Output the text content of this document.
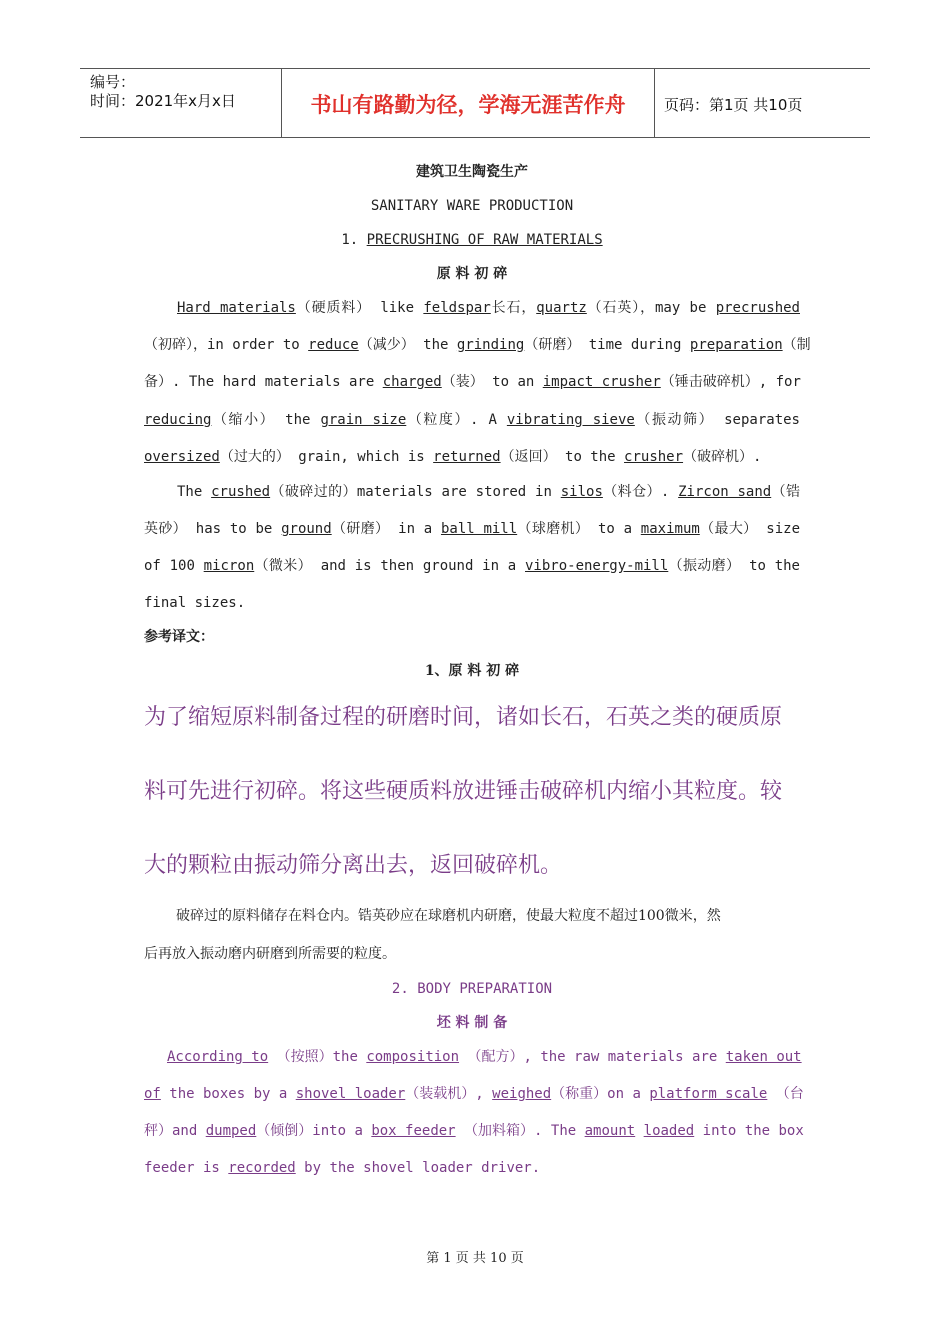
编号：
时间：2021年x月x日	书山有路勤为径，学海无涯苦作舟	页码：第1页 共10页
建筑卫生陶瓷生产
SANITARY WARE PRODUCTION
1. PRECRUSHING OF RAW MATERIALS
原 料 初 碎
Hard materials（硬质料） like feldspar长石，quartz（石英），may be precrushed
（初碎），in order to reduce（减少） the grinding（研磨） time during preparation（制
备）. The hard materials are charged（装） to an impact crusher（锤击破碎机）, for
reducing（缩小） the grain size（粒度）. A vibrating sieve（振动筛） separates
oversized（过大的） grain, which is returned（返回） to the crusher（破碎机）.
The crushed（破碎过的）materials are stored in silos（料仓）. Zircon sand（锆
英砂） has to be ground（研磨） in a ball mill（球磨机） to a maximum（最大） size
of 100 micron（微米） and is then ground in a vibro-energy-mill（振动磨） to the
final sizes.
参考译文：
1、原 料 初 碎
为了缩短原料制备过程的研磨时间，诸如长石，石英之类的硬质原
料可先进行初碎。将这些硬质料放进锤击破碎机内缩小其粒度。较
大的颗粒由振动筛分离出去，返回破碎机。
破碎过的原料储存在料仓内。锆英砂应在球磨机内研磨，使最大粒度不超过100微米，然
后再放入振动磨内研磨到所需要的粒度。
2. BODY PREPARATION
坯 料 制 备
According to （按照）the composition （配方）, the raw materials are taken out
of the boxes by a shovel loader（装载机）, weighed（称重）on a platform scale （台
秤）and dumped（倾倒）into a box feeder （加料箱）. The amount loaded into the box
feeder is recorded by the shovel loader driver.
第 1 页 共 10 页
